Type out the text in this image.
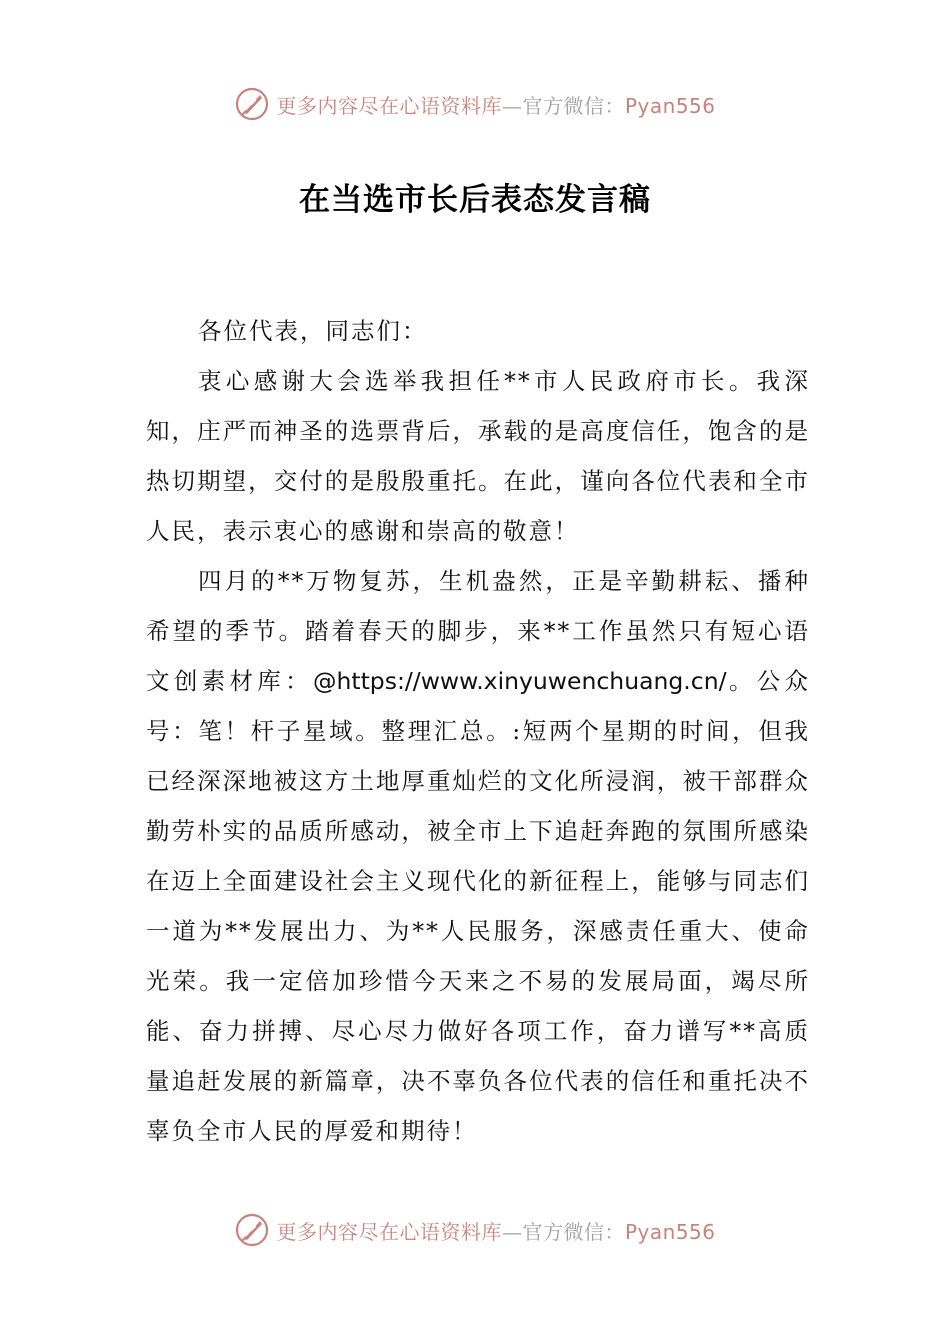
更多内容尽在心语资料库—官方微信：Pyan556
在当选市长后表态发言稿

各位代表，同志们：

衷心感谢大会选举我担任**市人民政府市长。我深知，庄严而神圣的选票背后，承载的是高度信任，饱含的是热切期望，交付的是殷殷重托。在此，谨向各位代表和全市人民，表示衷心的感谢和崇高的敬意！

四月的**万物复苏，生机盎然，正是辛勤耕耘、播种希望的季节。踏着春天的脚步，来**工作虽然只有短心语文创素材库：@https://www.xinyuwenchuang.cn/。公众号：笔！杆子星域。整理汇总。:短两个星期的时间，但我已经深深地被这方土地厚重灿烂的文化所浸润，被干部群众勤劳朴实的品质所感动，被全市上下追赶奔跑的氛围所感染在迈上全面建设社会主义现代化的新征程上，能够与同志们一道为**发展出力、为**人民服务，深感责任重大、使命光荣。我一定倍加珍惜今天来之不易的发展局面，竭尽所能、奋力拼搏、尽心尽力做好各项工作，奋力谱写**高质量追赶发展的新篇章，决不辜负各位代表的信任和重托决不辜负全市人民的厚爱和期待！

更多内容尽在心语资料库—官方微信：Pyan556
